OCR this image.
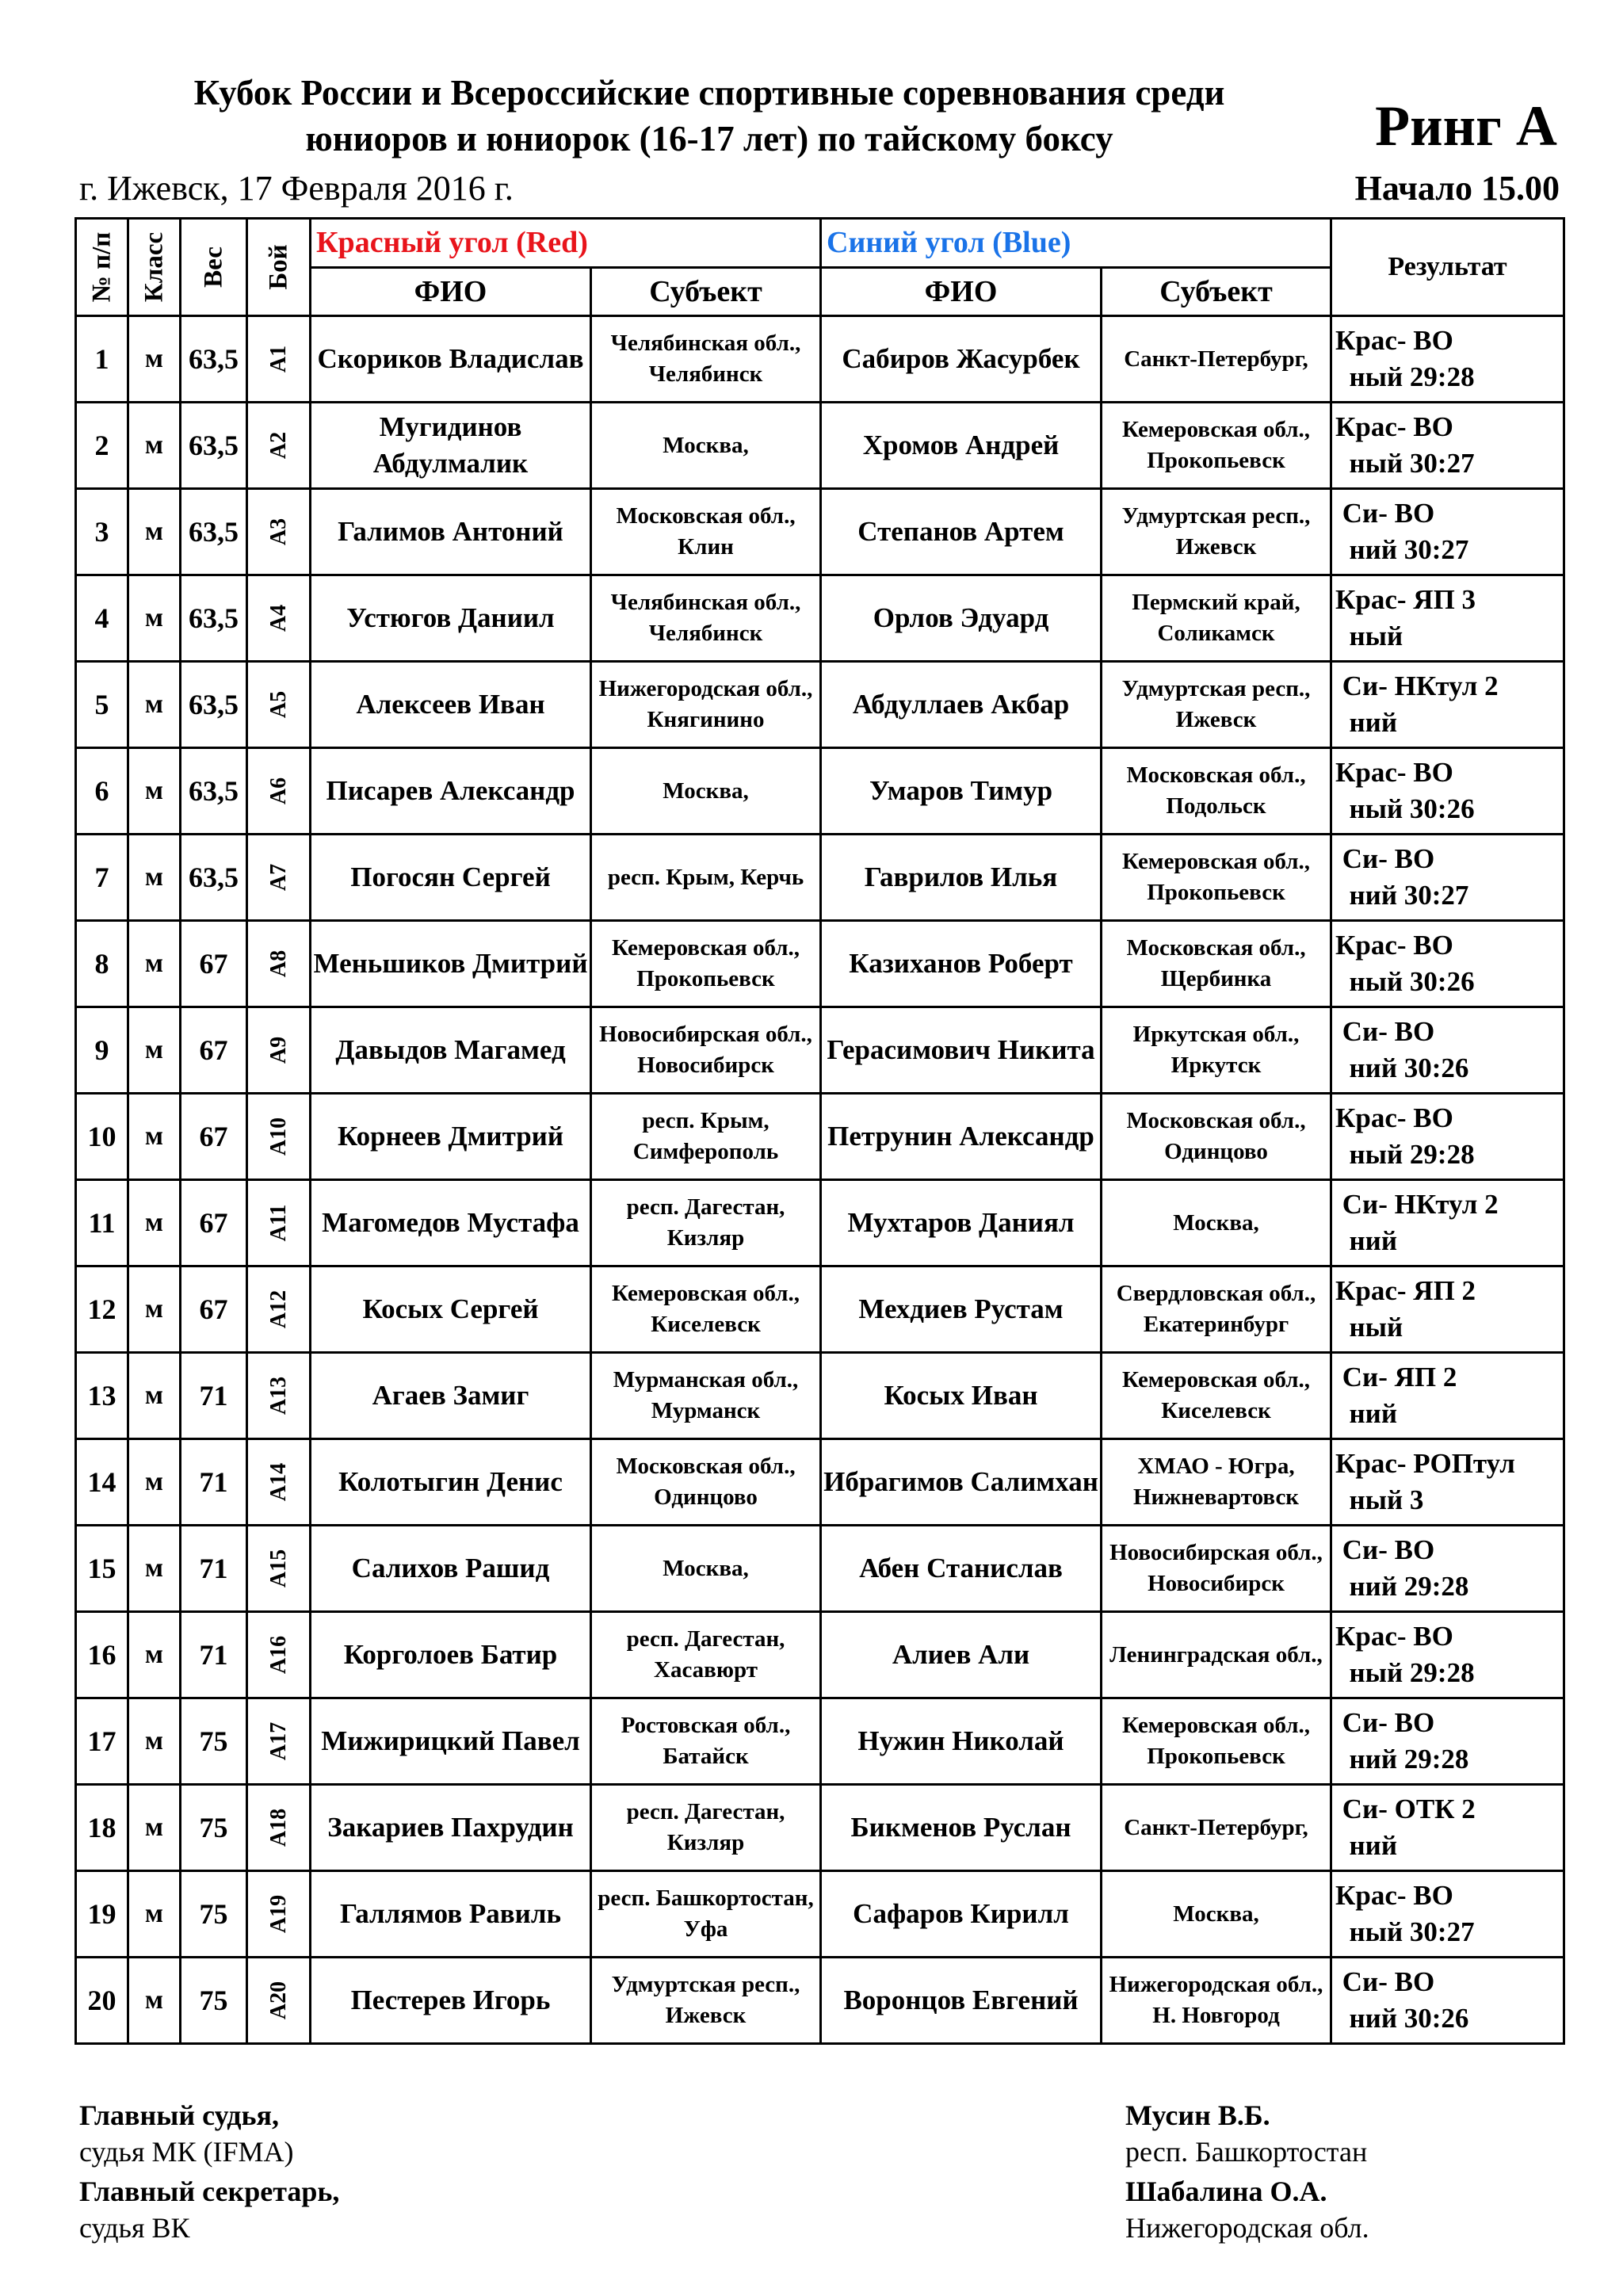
Кубок России и Всероссийские спортивные соревнования среди
юниоров и юниорок (16-17 лет) по тайскому боксу	Ринг А
г. Ижевск, 17 Февраля 2016 г.	Начало 15.00
№ п/п	Класс	Вес	Бой	Красный угол (Red)		Синий угол (Blue)		Результат
				ФИО	Субъект	ФИО	Субъект	
1	м	63,5	А1	Скориков Владислав	Челябинская обл., Челябинск	Сабиров Жасурбек	Санкт-Петербург,	Крас- ВО
ный 29:28

2	м	63,5	А2	Мугидинов Абдулмалик	Москва,	Хромов Андрей	Кемеровская обл., Прокопьевск	Крас- ВО
ный 30:27

3	м	63,5	А3	Галимов Антоний	Московская обл., Клин	Степанов Артем	Удмуртская респ., Ижевск	Си- ВО
ний 30:27

4	м	63,5	А4	Устюгов Даниил	Челябинская обл., Челябинск	Орлов Эдуард	Пермский край, Соликамск	Крас- ЯП 3
ный

5	м	63,5	А5	Алексеев Иван	Нижегородская обл., Княгинино	Абдуллаев Акбар	Удмуртская респ., Ижевск	Си- НКтул 2
ний

6	м	63,5	А6	Писарев Александр	Москва,	Умаров Тимур	Московская обл., Подольск	Крас- ВО
ный 30:26

7	м	63,5	А7	Погосян Сергей	респ. Крым, Керчь	Гаврилов Илья	Кемеровская обл., Прокопьевск	Си- ВО
ний 30:27

8	м	67	А8	Меньшиков Дмитрий	Кемеровская обл., Прокопьевск	Казиханов Роберт	Московская обл., Щербинка	Крас- ВО
ный 30:26

9	м	67	А9	Давыдов Магамед	Новосибирская обл., Новосибирск	Герасимович Никита	Иркутская обл., Иркутск	Си- ВО
ний 30:26

10	м	67	А10	Корнеев Дмитрий	респ. Крым, Симферополь	Петрунин Александр	Московская обл., Одинцово	Крас- ВО
ный 29:28

11	м	67	А11	Магомедов Мустафа	респ. Дагестан, Кизляр	Мухтаров Даниял	Москва,	Си- НКтул 2
ний

12	м	67	А12	Косых Сергей	Кемеровская обл., Киселевск	Мехдиев Рустам	Свердловская обл., Екатеринбург	Крас- ЯП 2
ный

13	м	71	А13	Агаев Замиг	Мурманская обл., Мурманск	Косых Иван	Кемеровская обл., Киселевск	Си- ЯП 2
ний

14	м	71	А14	Колотыгин Денис	Московская обл., Одинцово	Ибрагимов Салимхан	ХМАО - Югра, Нижневартовск	Крас- РОПтул
ный 3

15	м	71	А15	Салихов Рашид	Москва,	Абен Станислав	Новосибирская обл., Новосибирск	Си- ВО
ний 29:28

16	м	71	А16	Корголоев Батир	респ. Дагестан, Хасавюрт	Алиев Али	Ленинградская обл.,	Крас- ВО
ный 29:28

17	м	75	А17	Мижирицкий Павел	Ростовская обл., Батайск	Нужин Николай	Кемеровская обл., Прокопьевск	Си- ВО
ний 29:28

18	м	75	А18	Закариев Пахрудин	респ. Дагестан, Кизляр	Бикменов Руслан	Санкт-Петербург,	Си- ОТК 2
ний

19	м	75	А19	Галлямов Равиль	респ. Башкортостан, Уфа	Сафаров Кирилл	Москва,	Крас- ВО
ный 30:27

20	м	75	А20	Пестерев Игорь	Удмуртская респ., Ижевск	Воронцов Евгений	Нижегородская обл., Н. Новгород	Си- ВО
ний 30:26
Главный судья,
судья МК (IFMA)
Мусин В.Б.
респ. Башкортостан
Главный секретарь,
судья ВК
Шабалина О.А.
Нижегородская обл.
